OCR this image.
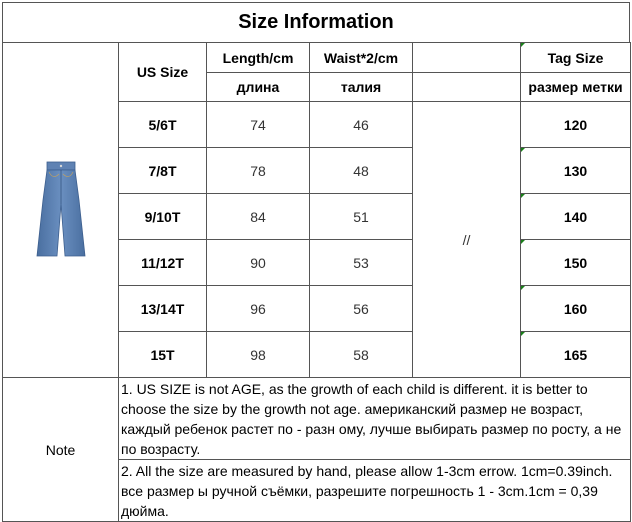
Size Information
	US Size	Length/cm	Waist*2/cm		Tag Size
		длина	талия		размер метки
	5/6T	74	46	//	120
	7/8T	78	48		130
	9/10T	84	51		140
	11/12T	90	53		150
	13/14T	96	56		160
	15T	98	58		165
Note	1. US SIZE is not AGE, as the growth of each child is different. it is better to choose the size by the growth not age. американский размер не возраст, каждый ребенок растет по - разн ому, лучше выбирать размер по росту, а не по возрасту.				
	2. All the size are measured by hand, please allow 1-3cm errow. 1cm=0.39inch. все размер ы ручной съёмки, разрешите погрешность 1 - 3cm.1cm = 0,39 дюйма.				
